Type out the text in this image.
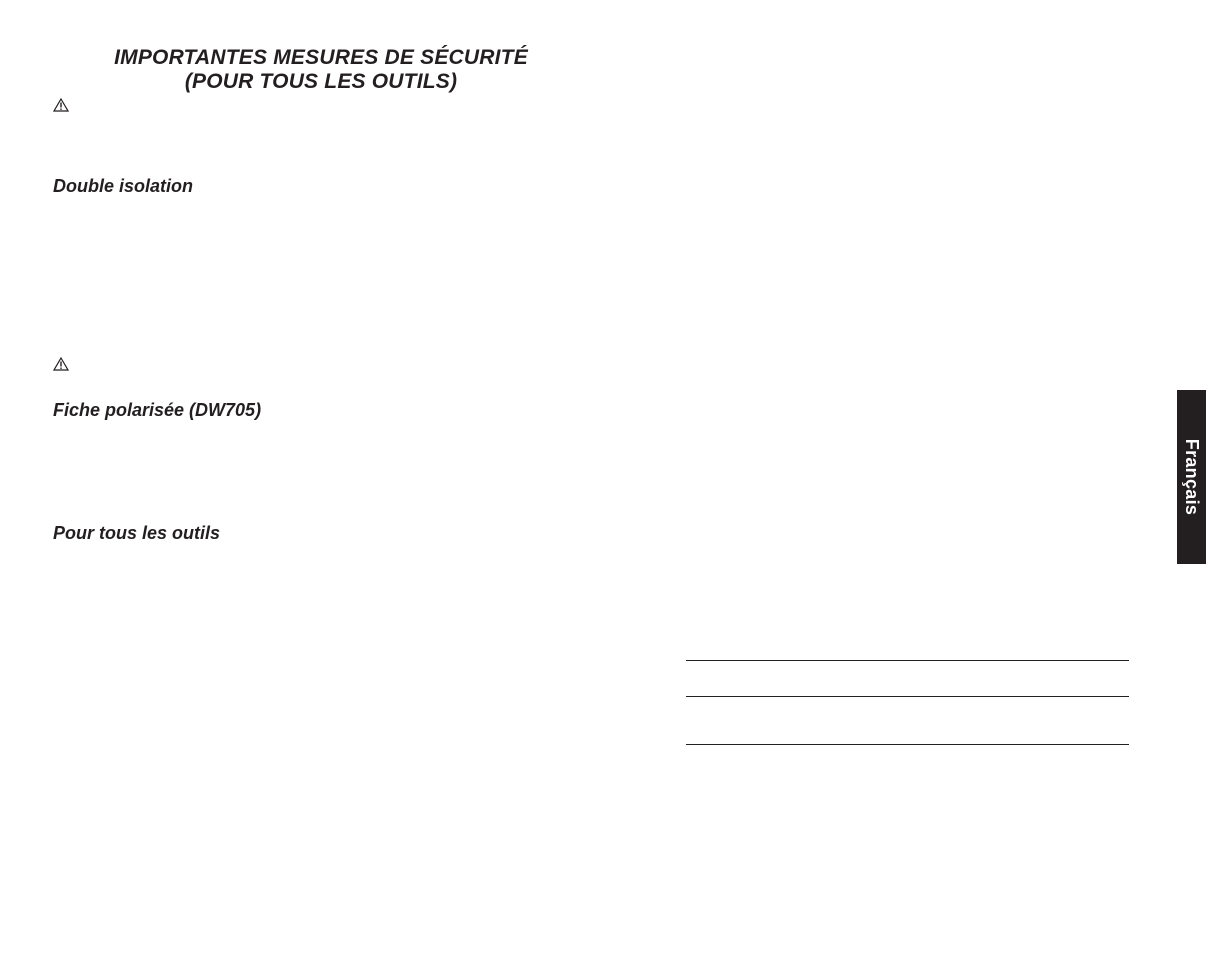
IMPORTANTES MESURES DE SÉCURITÉ
(POUR TOUS LES OUTILS)
Double isolation
Fiche polarisée (DW705)
Pour tous les outils
Français
